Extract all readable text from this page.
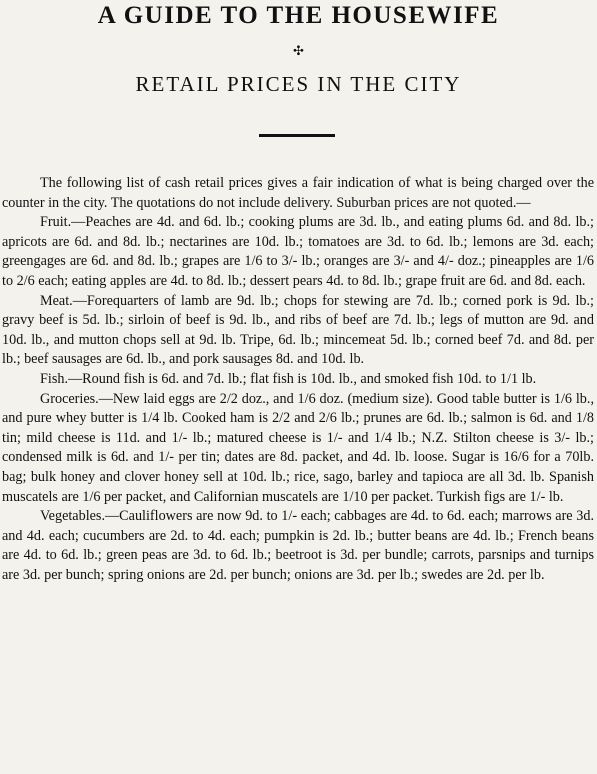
A GUIDE TO THE HOUSEWIFE
✣
RETAIL PRICES IN THE CITY

The following list of cash retail prices gives a fair indication of what is being charged over the counter in the city. The quotations do not include delivery. Suburban prices are not quoted.—

Fruit.—Peaches are 4d. and 6d. lb.; cooking plums are 3d. lb., and eating plums 6d. and 8d. lb.; apricots are 6d. and 8d. lb.; nectarines are 10d. lb.; tomatoes are 3d. to 6d. lb.; lemons are 3d. each; greengages are 6d. and 8d. lb.; grapes are 1/6 to 3/- lb.; oranges are 3/- and 4/- doz.; pineapples are 1/6 to 2/6 each; eating apples are 4d. to 8d. lb.; dessert pears 4d. to 8d. lb.; grape fruit are 6d. and 8d. each.

Meat.—Forequarters of lamb are 9d. lb.; chops for stewing are 7d. lb.; corned pork is 9d. lb.; gravy beef is 5d. lb.; sirloin of beef is 9d. lb., and ribs of beef are 7d. lb.; legs of mutton are 9d. and 10d. lb., and mutton chops sell at 9d. lb. Tripe, 6d. lb.; mincemeat 5d. lb.; corned beef 7d. and 8d. per lb.; beef sausages are 6d. lb., and pork sausages 8d. and 10d. lb.

Fish.—Round fish is 6d. and 7d. lb.; flat fish is 10d. lb., and smoked fish 10d. to 1/1 lb.

Groceries.—New laid eggs are 2/2 doz., and 1/6 doz. (medium size). Good table butter is 1/6 lb., and pure whey butter is 1/4 lb. Cooked ham is 2/2 and 2/6 lb.; prunes are 6d. lb.; salmon is 6d. and 1/8 tin; mild cheese is 11d. and 1/- lb.; matured cheese is 1/- and 1/4 lb.; N.Z. Stilton cheese is 3/- lb.; condensed milk is 6d. and 1/- per tin; dates are 8d. packet, and 4d. lb. loose. Sugar is 16/6 for a 70lb. bag; bulk honey and clover honey sell at 10d. lb.; rice, sago, barley and tapioca are all 3d. lb. Spanish muscatels are 1/6 per packet, and Californian muscatels are 1/10 per packet. Turkish figs are 1/- lb.

Vegetables.—Cauliflowers are now 9d. to 1/- each; cabbages are 4d. to 6d. each; marrows are 3d. and 4d. each; cucumbers are 2d. to 4d. each; pumpkin is 2d. lb.; butter beans are 4d. lb.; French beans are 4d. to 6d. lb.; green peas are 3d. to 6d. lb.; beetroot is 3d. per bundle; carrots, parsnips and turnips are 3d. per bunch; spring onions are 2d. per bunch; onions are 3d. per lb.; swedes are 2d. per lb.
